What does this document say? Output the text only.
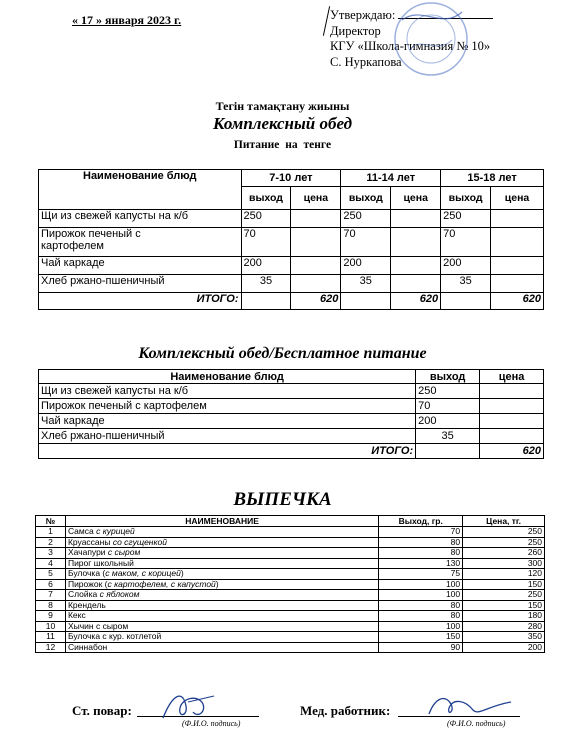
« 17 » января 2023 г.	Утверждаю:
Директор
КГУ «Школа-гимназия № 10»
С. Нуркапова
Тегін тамақтану жиыны
Комплексный обед
Питание на тенге
Наименование блюд	7-10 лет		11-14 лет		15-18 лет	
	выход	цена	выход	цена	выход	цена
Щи из свежей капусты на к/б	250		250		250	
Пирожок печеный с картофелем	70		70		70	
Чай каркаде	200		200		200	
Хлеб ржано-пшеничный	35		35		35	
ИТОГО:		620		620		620
Комплексный обед/Бесплатное питание
Наименование блюд	выход	цена
Щи из свежей капусты на к/б	250	
Пирожок печеный с картофелем	70	
Чай каркаде	200	
Хлеб ржано-пшеничный	35	
ИТОГО:		620
ВЫПЕЧКА
№	НАИМЕНОВАНИЕ	Выход, гр.	Цена, тг.
1	Самса с курицей	70	250
2	Круассаны со сгущенкой	80	250
3	Хачапури с сыром	80	260
4	Пирог школьный	130	300
5	Булочка (с маком, с корицей)	75	120
6	Пирожок (с картофелем, с капустой)	100	150
7	Слойка с яблоком	100	250
8	Крендель	80	150
9	Кекс	80	180
10	Хычин с сыром	100	280
11	Булочка с кур. котлетой	150	350
12	Синнабон	90	200
Ст. повар:
(Ф.И.О. подпись)
Мед. работник:
(Ф.И.О. подпись)
